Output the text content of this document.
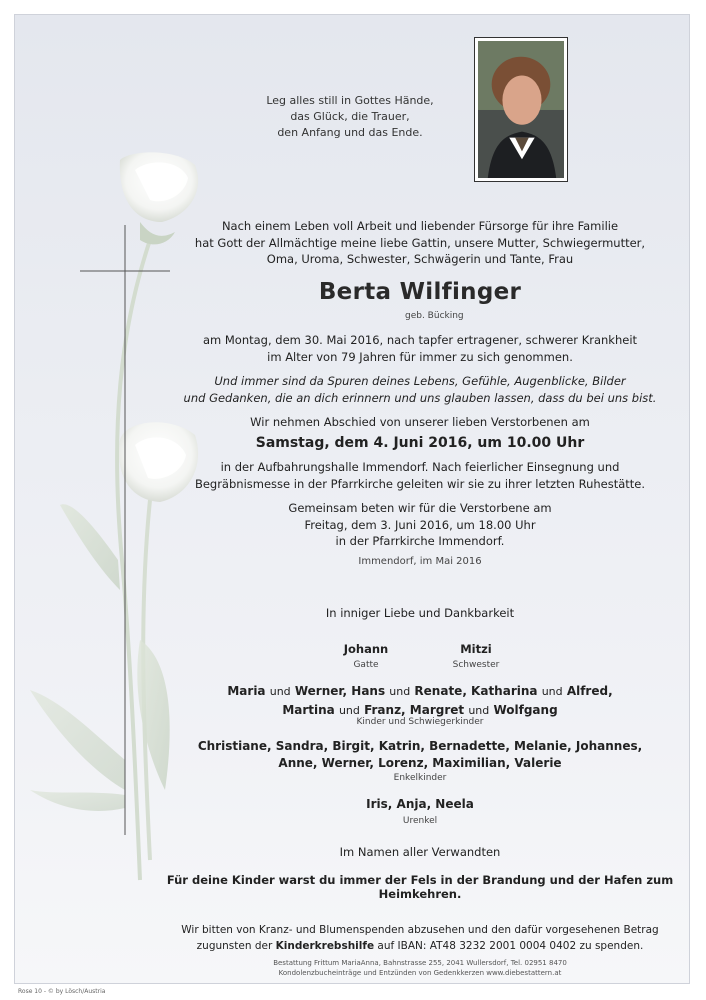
Leg alles still in Gottes Hände,
das Glück, die Trauer,
den Anfang und das Ende.
Nach einem Leben voll Arbeit und liebender Fürsorge für ihre Familie
hat Gott der Allmächtige meine liebe Gattin, unsere Mutter, Schwiegermutter,
Oma, Uroma, Schwester, Schwägerin und Tante, Frau
Berta Wilfinger
geb. Bücking
am Montag, dem 30. Mai 2016, nach tapfer ertragener, schwerer Krankheit
im Alter von 79 Jahren für immer zu sich genommen.
Und immer sind da Spuren deines Lebens, Gefühle, Augenblicke, Bilder
und Gedanken, die an dich erinnern und uns glauben lassen, dass du bei uns bist.
Wir nehmen Abschied von unserer lieben Verstorbenen am
Samstag, dem 4. Juni 2016, um 10.00 Uhr
in der Aufbahrungshalle Immendorf. Nach feierlicher Einsegnung und
Begräbnismesse in der Pfarrkirche geleiten wir sie zu ihrer letzten Ruhestätte.
Gemeinsam beten wir für die Verstorbene am
Freitag, dem 3. Juni 2016, um 18.00 Uhr
in der Pfarrkirche Immendorf.
Immendorf, im Mai 2016
In inniger Liebe und Dankbarkeit
Johann
Gatte
Mitzi
Schwester
Maria und Werner, Hans und Renate, Katharina und Alfred,
Martina und Franz, Margret und Wolfgang
Kinder und Schwiegerkinder
Christiane, Sandra, Birgit, Katrin, Bernadette, Melanie, Johannes,
Anne, Werner, Lorenz, Maximilian, Valerie
Enkelkinder
Iris, Anja, Neela
Urenkel
Im Namen aller Verwandten
Für deine Kinder warst du immer der Fels in der Brandung und der Hafen zum Heimkehren.
Wir bitten von Kranz- und Blumenspenden abzusehen und den dafür vorgesehenen Betrag
zugunsten der Kinderkrebshilfe auf IBAN: AT48 3232 2001 0004 0402 zu spenden.
Bestattung Frittum MariaAnna, Bahnstrasse 255, 2041 Wullersdorf, Tel. 02951 8470
Kondolenzbucheinträge und Entzünden von Gedenkkerzen www.diebestattern.at
Rose 10 - © by Lösch/Austria
